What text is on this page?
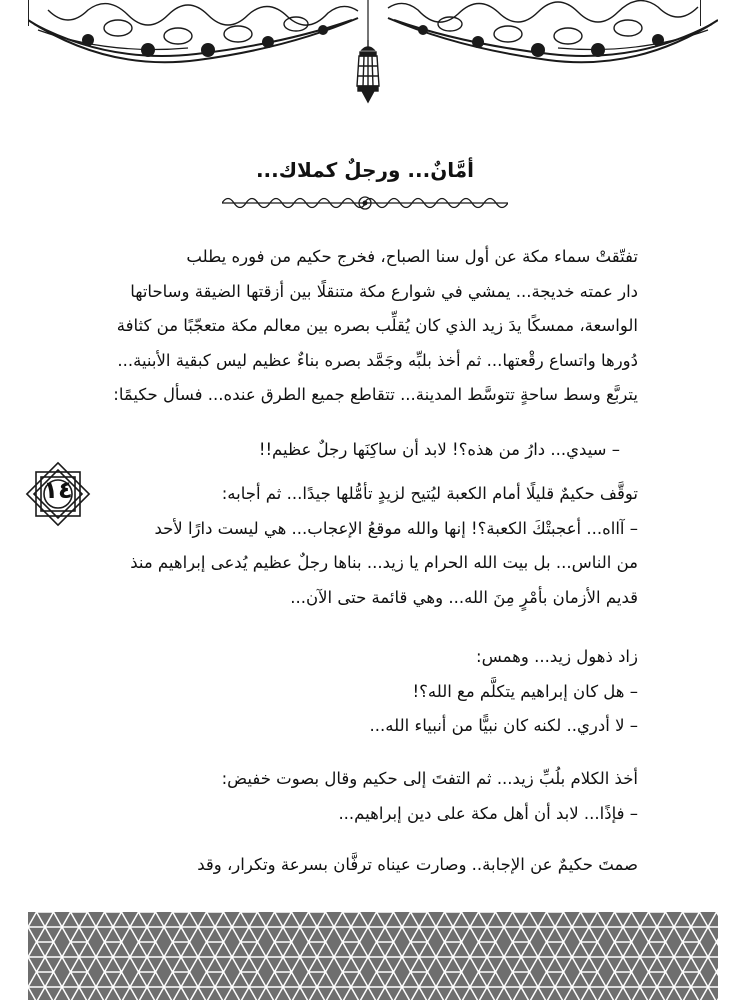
أمَّانٌ... ورجلٌ كملاك...
تفتّقتْ سماء مكة عن أول سنا الصباح، فخرج حكيم من فوره يطلب
دار عمته خديجة... يمشي في شوارع مكة متنقلًا بين أزقتها الضيقة وساحاتها
الواسعة، ممسكًا يدَ زيد الذي كان يُقلِّب بصره بين معالم مكة متعجّبًا من كثافة
دُورها واتساع رقْعتها... ثم أخذ بلبِّه وجَمَّد بصره بناءٌ عظيم ليس كبقية الأبنية...
يتربَّع وسط ساحةٍ تتوسَّط المدينة... تتقاطع جميع الطرق عنده... فسأل حكيمًا:
– سيدي... دارُ من هذه؟! لابد أن ساكِنَها رجلٌ عظيم!!
١٤	توقَّف حكيمٌ قليلًا أمام الكعبة ليُتيح لزيدٍ تأمُّلها جيدًا... ثم أجابه:
– آااه... أعجبتْكَ الكعبة؟! إنها والله موقعُ الإعجاب... هي ليست دارًا لأحد
من الناس... بل بيت الله الحرام يا زيد... بناها رجلٌ عظيم يُدعى إبراهيم منذ
قديم الأزمان بأمْرٍ مِنَ الله... وهي قائمة حتى الآن...
زاد ذهول زيد... وهمس:
– هل كان إبراهيم يتكلَّم مع الله؟!
– لا أدري.. لكنه كان نبيًّا من أنبياء الله...
أخذ الكلام بلُبِّ زيد... ثم التفتَ إلى حكيم وقال بصوت خفيض:
– فإذًا... لابد أن أهل مكة على دين إبراهيم...
صمتَ حكيمٌ عن الإجابة.. وصارت عيناه ترفَّان بسرعة وتكرار، وقد
